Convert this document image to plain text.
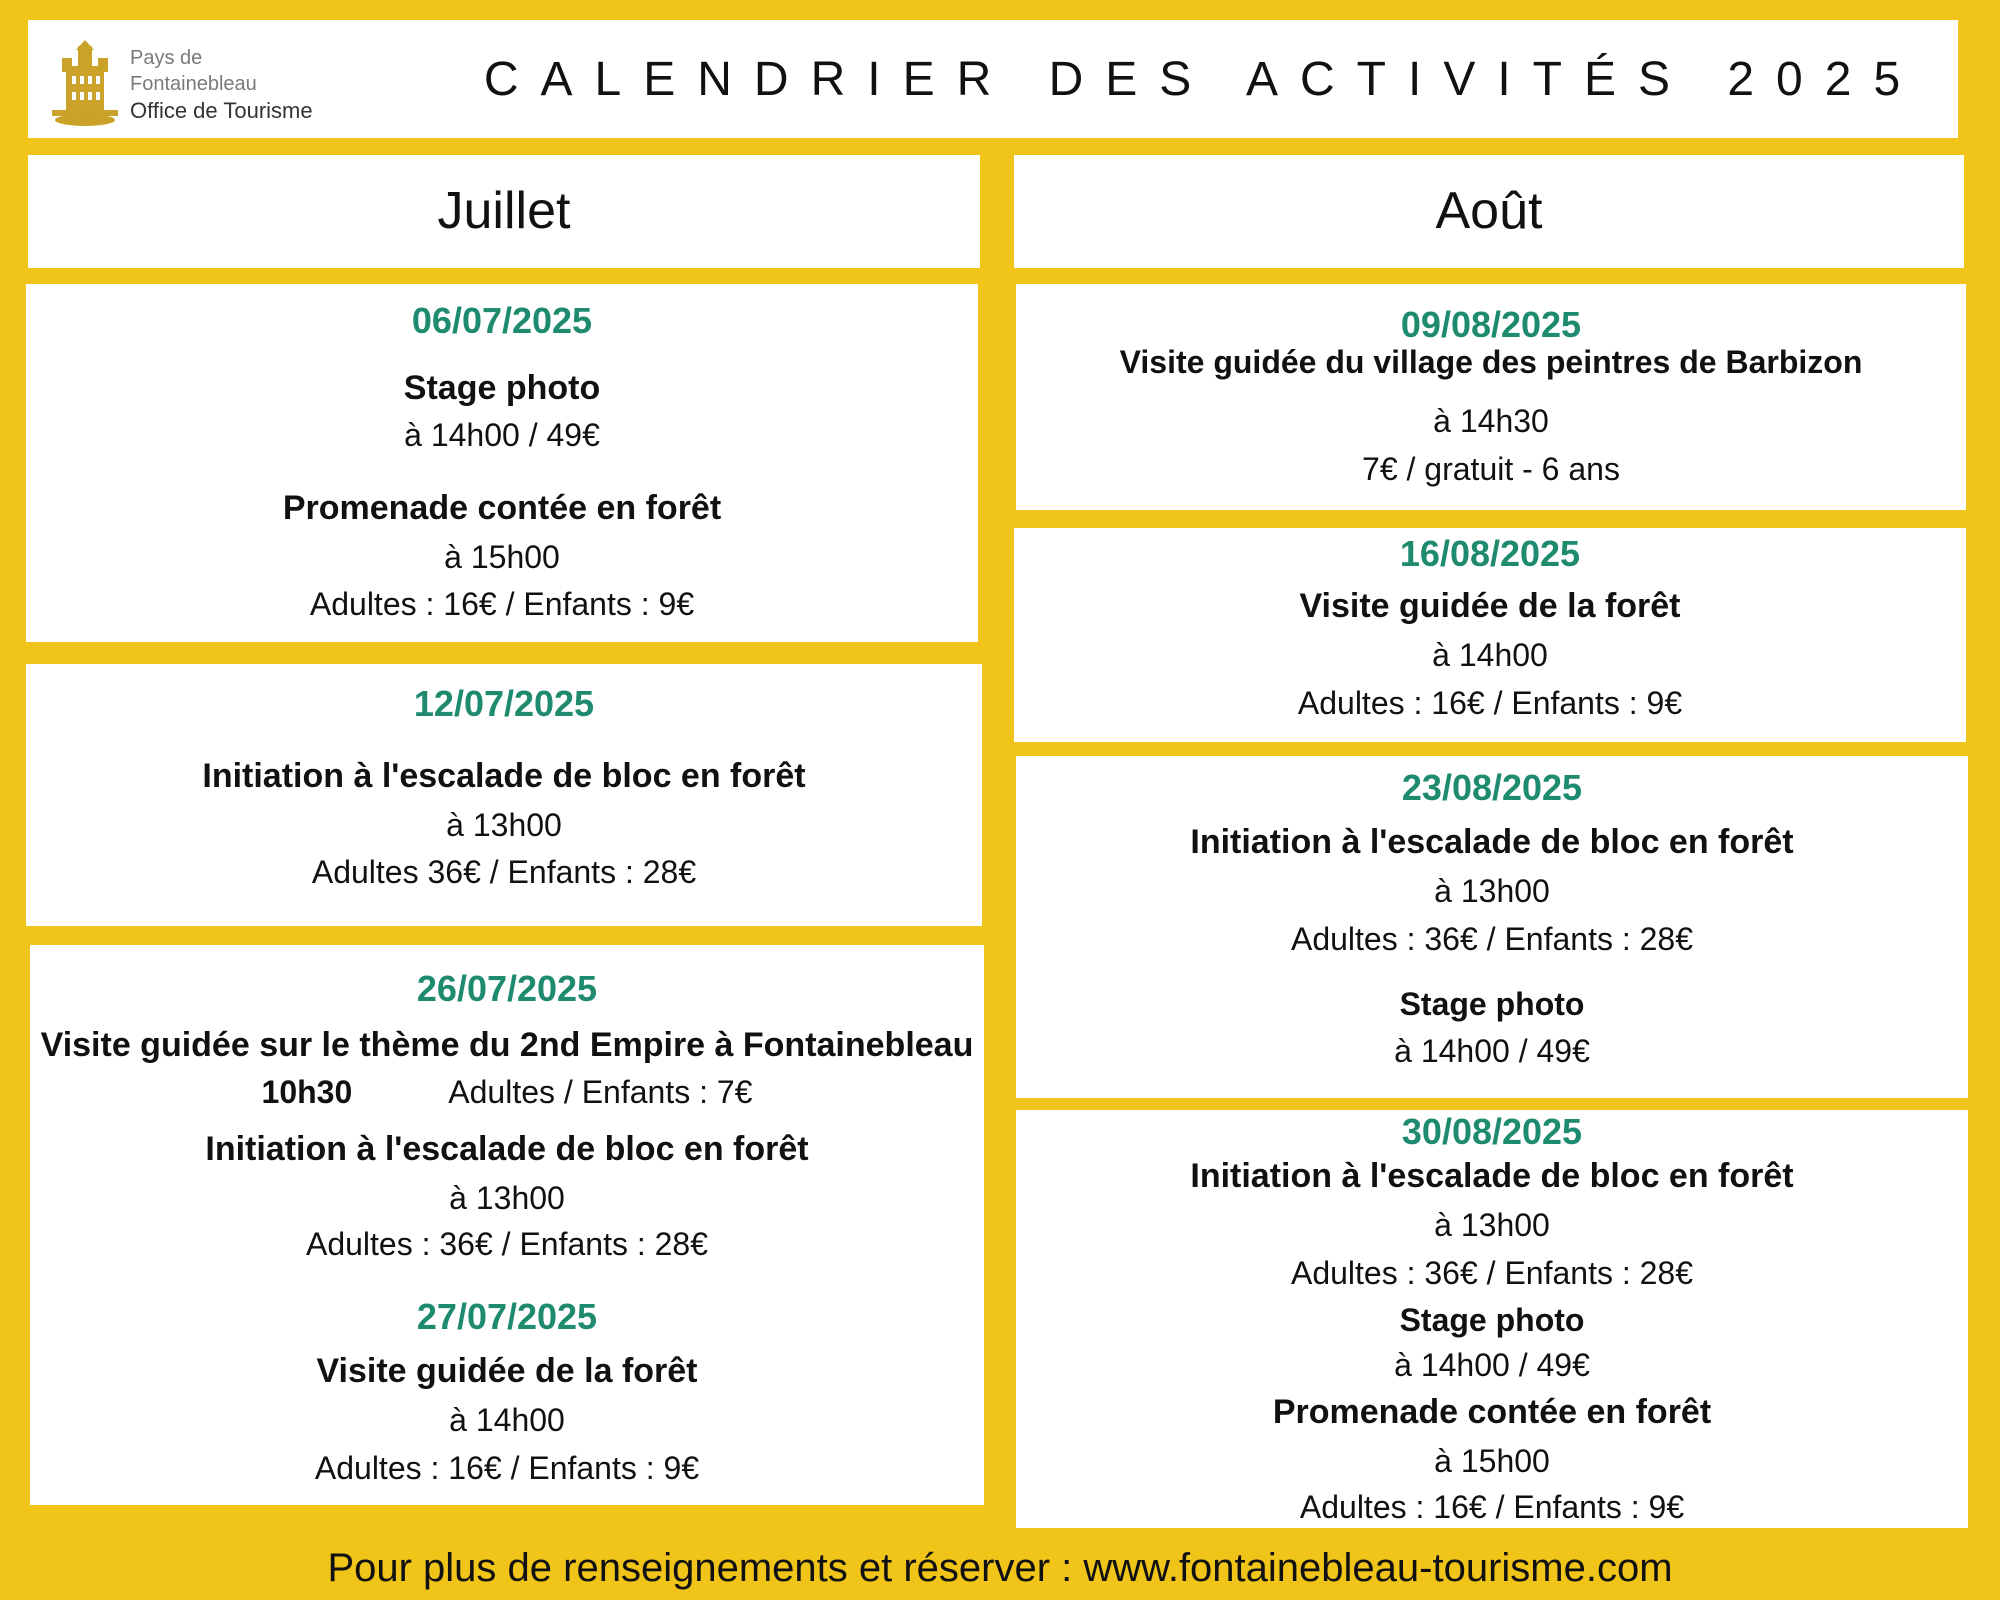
Pays de
Fontainebleau
Office de Tourisme
CALENDRIER DES ACTIVITÉS 2025
Juillet	Août
06/07/2025
Stage photo
à 14h00 / 49€
Promenade contée en forêt
à 15h00
Adultes : 16€ / Enfants : 9€
12/07/2025
Initiation à l'escalade de bloc en forêt
à 13h00
Adultes 36€ / Enfants : 28€
26/07/2025
Visite guidée sur le thème du 2nd Empire à Fontainebleau
10h30	Adultes / Enfants : 7€
Initiation à l'escalade de bloc en forêt
à 13h00
Adultes : 36€ / Enfants : 28€
27/07/2025
Visite guidée de la forêt
à 14h00
Adultes : 16€ / Enfants : 9€
09/08/2025
Visite guidée du village des peintres de Barbizon
à 14h30
7€ / gratuit - 6 ans
16/08/2025
Visite guidée de la forêt
à 14h00
Adultes : 16€ / Enfants : 9€
23/08/2025
Initiation à l'escalade de bloc en forêt
à 13h00
Adultes : 36€ / Enfants : 28€
Stage photo
à 14h00 / 49€
30/08/2025
Initiation à l'escalade de bloc en forêt
à 13h00
Adultes : 36€ / Enfants : 28€
Stage photo
à 14h00 / 49€
Promenade contée en forêt
à 15h00
Adultes : 16€ / Enfants : 9€
Pour plus de renseignements et réserver : www.fontainebleau-tourisme.com
